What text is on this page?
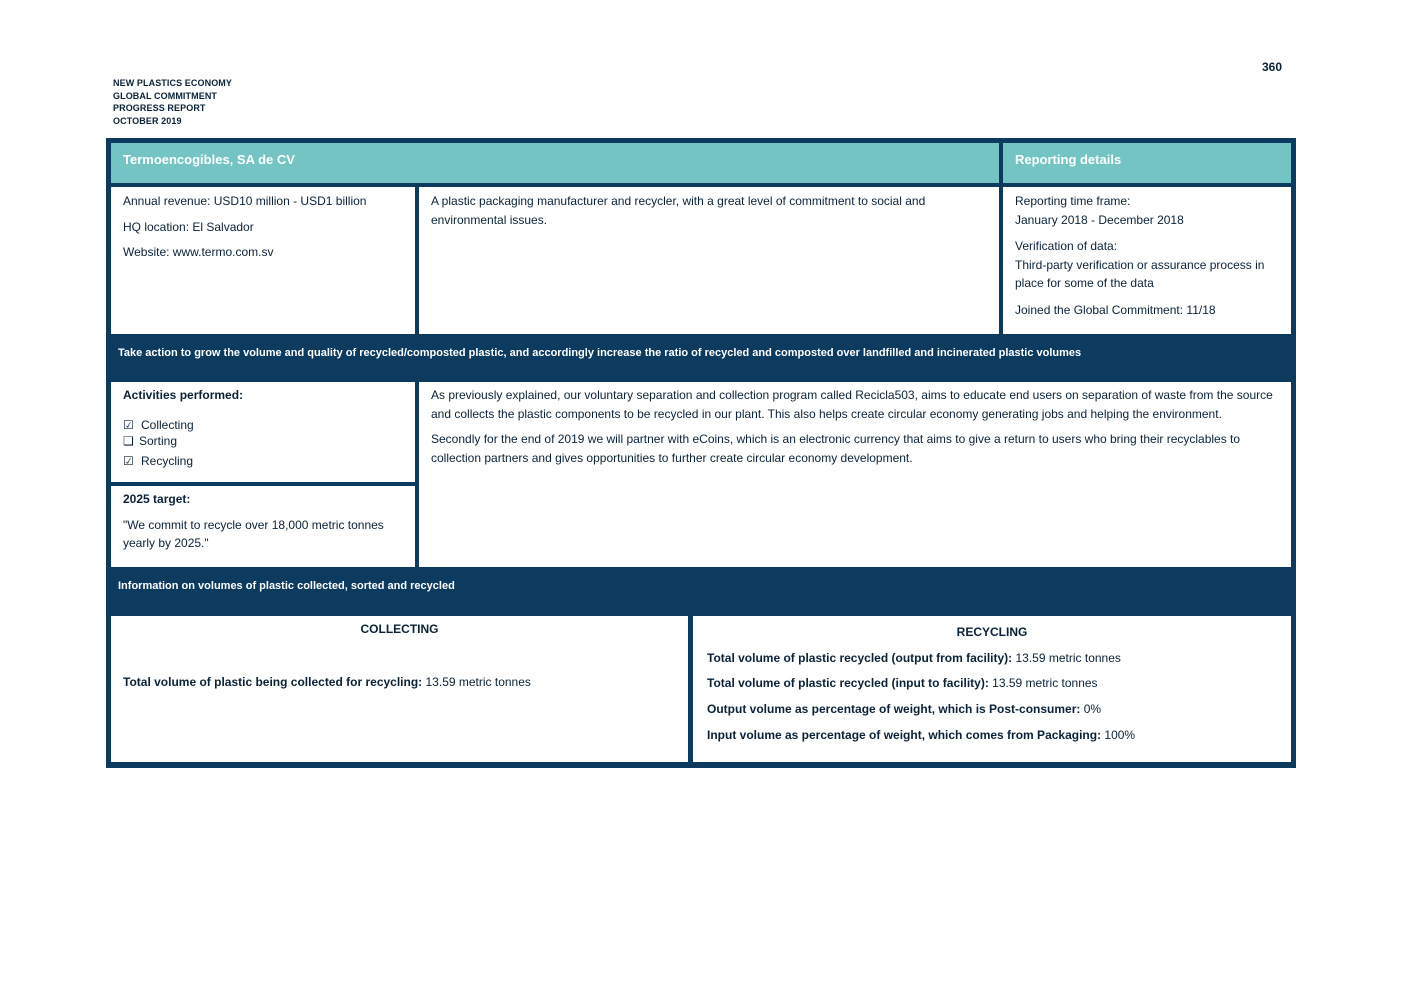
NEW PLASTICS ECONOMY
GLOBAL COMMITMENT
PROGRESS REPORT
OCTOBER 2019
360
Termoencogibles, SA de CV	Reporting details

Annual revenue: USD10 million - USD1 billion

HQ location: El Salvador

Website: www.termo.com.sv

A plastic packaging manufacturer and recycler, with a great level of commitment to social and environmental issues.

Reporting time frame:

January 2018 - December 2018

Verification of data:

Third-party verification or assurance process in place for some of the data

Joined the Global Commitment: 11/18

Take action to grow the volume and quality of recycled/composted plastic, and accordingly increase the ratio of recycled and composted over landfilled and incinerated plastic volumes

Activities performed:

☑ Collecting
❑ Sorting
☑ Recycling

2025 target:

"We commit to recycle over 18,000 metric tonnes yearly by 2025."

As previously explained, our voluntary separation and collection program called Recicla503, aims to educate end users on separation of waste from the source and collects the plastic components to be recycled in our plant. This also helps create circular economy generating jobs and helping the environment.

Secondly for the end of 2019 we will partner with eCoins, which is an electronic currency that aims to give a return to users who bring their recyclables to collection partners and gives opportunities to further create circular economy development.

Information on volumes of plastic collected, sorted and recycled

COLLECTING

Total volume of plastic being collected for recycling: 13.59 metric tonnes

RECYCLING

Total volume of plastic recycled (output from facility): 13.59 metric tonnes

Total volume of plastic recycled (input to facility): 13.59 metric tonnes

Output volume as percentage of weight, which is Post-consumer: 0%

Input volume as percentage of weight, which comes from Packaging: 100%
